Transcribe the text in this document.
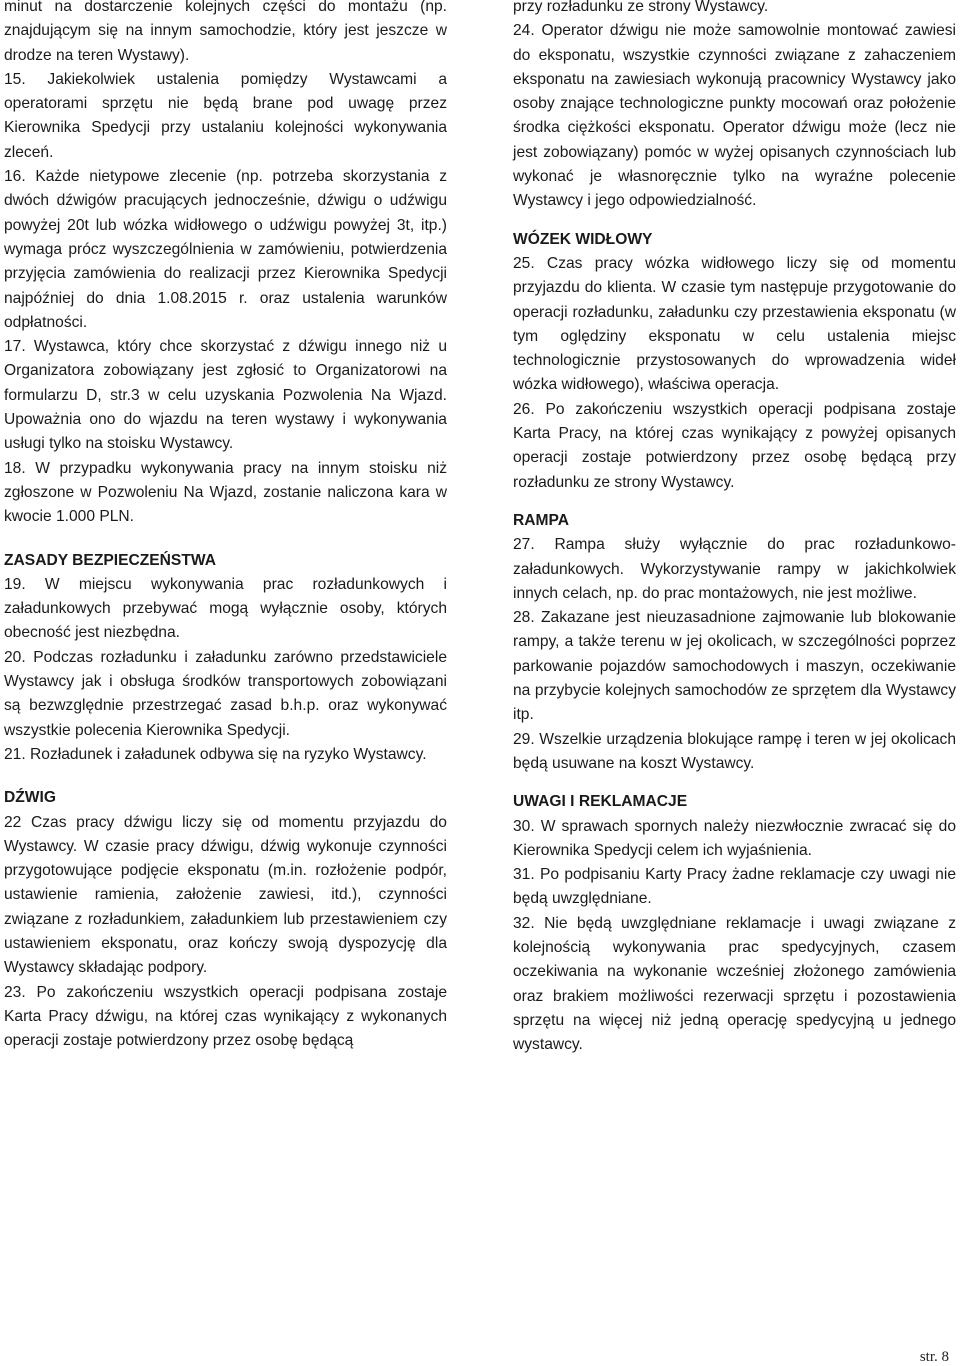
minut na dostarczenie kolejnych części do montażu (np. znajdującym się na innym samochodzie, który jest jeszcze w drodze na teren Wystawy).

15. Jakiekolwiek ustalenia pomiędzy Wystawcami a operatorami sprzętu nie będą brane pod uwagę przez Kierownika Spedycji przy ustalaniu kolejności wykonywania zleceń.

16. Każde nietypowe zlecenie (np. potrzeba skorzystania z dwóch dźwigów pracujących jednocześnie, dźwigu o udźwigu powyżej 20t lub wózka widłowego o udźwigu powyżej 3t, itp.) wymaga prócz wyszczególnienia w zamówieniu, potwierdzenia przyjęcia zamówienia do realizacji przez Kierownika Spedycji najpóźniej do dnia 1.08.2015 r. oraz ustalenia warunków odpłatności.

17. Wystawca, który chce skorzystać z dźwigu innego niż u Organizatora zobowiązany jest zgłosić to Organizatorowi na formularzu D, str.3 w celu uzyskania Pozwolenia Na Wjazd. Upoważnia ono do wjazdu na teren wystawy i wykonywania usługi tylko na stoisku Wystawcy.

18. W przypadku wykonywania pracy na innym stoisku niż zgłoszone w Pozwoleniu Na Wjazd, zostanie naliczona kara w kwocie 1.000 PLN.

ZASADY BEZPIECZEŃSTWA

19. W miejscu wykonywania prac rozładunkowych i załadunkowych przebywać mogą wyłącznie osoby, których obecność jest niezbędna.

20. Podczas rozładunku i załadunku zarówno przedstawiciele Wystawcy jak i obsługa środków transportowych zobowiązani są bezwzględnie przestrzegać zasad b.h.p. oraz wykonywać wszystkie polecenia Kierownika Spedycji.

21. Rozładunek i załadunek odbywa się na ryzyko Wystawcy.

DŹWIG

22 Czas pracy dźwigu liczy się od momentu przyjazdu do Wystawcy. W czasie pracy dźwigu, dźwig wykonuje czynności przygotowujące podjęcie eksponatu (m.in. rozłożenie podpór, ustawienie ramienia, założenie zawiesi, itd.), czynności związane z rozładunkiem, załadunkiem lub przestawieniem czy ustawieniem eksponatu, oraz kończy swoją dyspozycję dla Wystawcy składając podpory.

23. Po zakończeniu wszystkich operacji podpisana zostaje Karta Pracy dźwigu, na której czas wynikający z wykonanych operacji zostaje potwierdzony przez osobę będącą

przy rozładunku ze strony Wystawcy.

24. Operator dźwigu nie może samowolnie montować zawiesi do eksponatu, wszystkie czynności związane z zahaczeniem eksponatu na zawiesiach wykonują pracownicy Wystawcy jako osoby znające technologiczne punkty mocowań oraz położenie środka ciężkości eksponatu. Operator dźwigu może (lecz nie jest zobowiązany) pomóc w wyżej opisanych czynnościach lub wykonać je własnoręcznie tylko na wyraźne polecenie Wystawcy i jego odpowiedzialność.

WÓZEK WIDŁOWY

25. Czas pracy wózka widłowego liczy się od momentu przyjazdu do klienta. W czasie tym następuje przygotowanie do operacji rozładunku, załadunku czy przestawienia eksponatu (w tym oględziny eksponatu w celu ustalenia miejsc technologicznie przystosowanych do wprowadzenia wideł wózka widłowego), właściwa operacja.

26. Po zakończeniu wszystkich operacji podpisana zostaje Karta Pracy, na której czas wynikający z powyżej opisanych operacji zostaje potwierdzony przez osobę będącą przy rozładunku ze strony Wystawcy.

RAMPA

27. Rampa służy wyłącznie do prac rozładunkowo-załadunkowych. Wykorzystywanie rampy w jakichkolwiek innych celach, np. do prac montażowych, nie jest możliwe.

28. Zakazane jest nieuzasadnione zajmowanie lub blokowanie rampy, a także terenu w jej okolicach, w szczególności poprzez parkowanie pojazdów samochodowych i maszyn, oczekiwanie na przybycie kolejnych samochodów ze sprzętem dla Wystawcy itp.

29. Wszelkie urządzenia blokujące rampę i teren w jej okolicach będą usuwane na koszt Wystawcy.

UWAGI I REKLAMACJE

30. W sprawach spornych należy niezwłocznie zwracać się do Kierownika Spedycji celem ich wyjaśnienia.

31. Po podpisaniu Karty Pracy żadne reklamacje czy uwagi nie będą uwzględniane.

32. Nie będą uwzględniane reklamacje i uwagi związane z kolejnością wykonywania prac spedycyjnych, czasem oczekiwania na wykonanie wcześniej złożonego zamówienia oraz brakiem możliwości rezerwacji sprzętu i pozostawienia sprzętu na więcej niż jedną operację spedycyjną u jednego wystawcy.

str. 8
